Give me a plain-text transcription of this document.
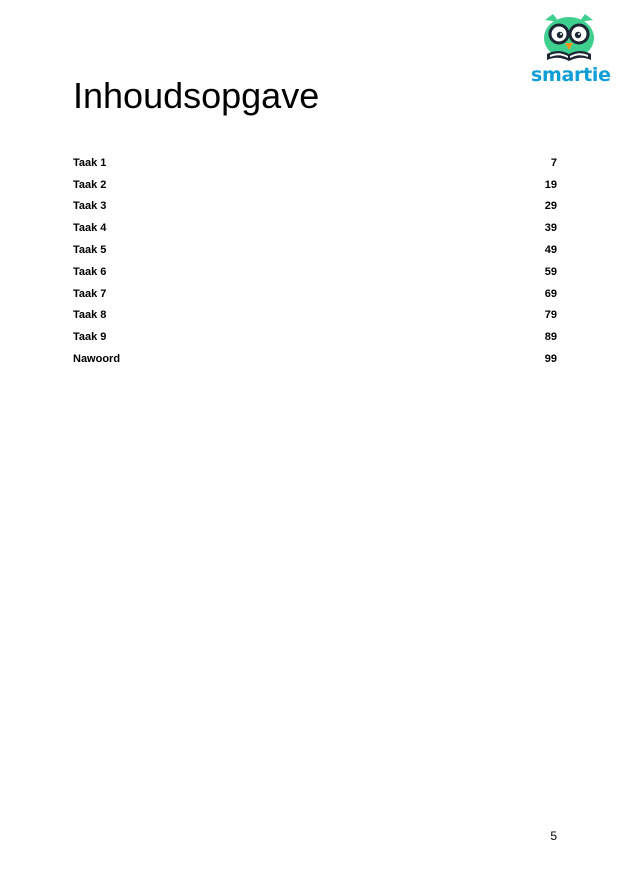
smartie
Inhoudsopgave
Taak 1	7
Taak 2	19
Taak 3	29
Taak 4	39
Taak 5	49
Taak 6	59
Taak 7	69
Taak 8	79
Taak 9	89
Nawoord	99
5
